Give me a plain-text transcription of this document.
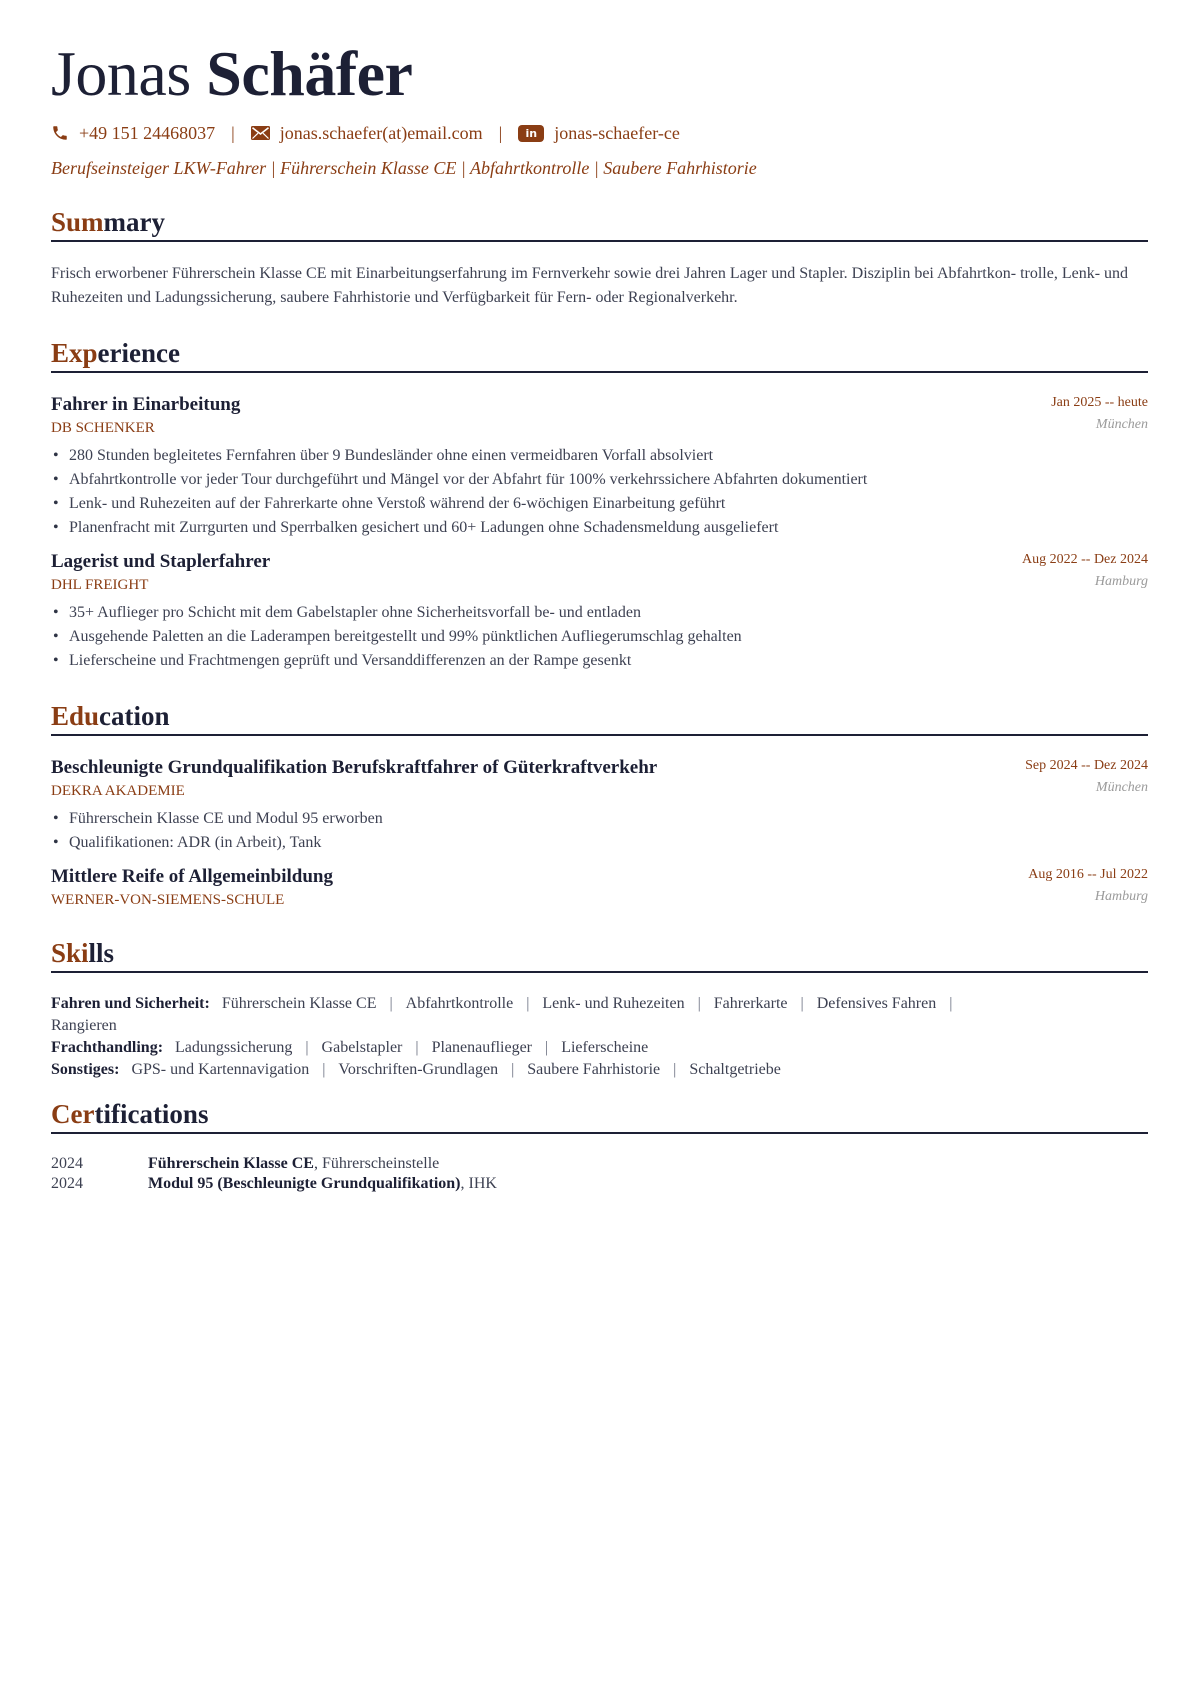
Jonas Schäfer
+49 151 24468037 |	jonas.schaefer(at)email.com |	in jonas-schaefer-ce
Berufseinsteiger LKW-Fahrer | Führerschein Klasse CE | Abfahrtkontrolle | Saubere Fahrhistorie
Summary
Frisch erworbener Führerschein Klasse CE mit Einarbeitungserfahrung im Fernverkehr sowie drei Jahren Lager und Stapler. Disziplin bei Abfahrtkon- trolle, Lenk- und Ruhezeiten und Ladungssicherung, saubere Fahrhistorie und Verfügbarkeit für Fern- oder Regionalverkehr.
Experience
Fahrer in Einarbeitung
DB SCHENKER
Jan 2025 -- heute
München
• 280 Stunden begleitetes Fernfahren über 9 Bundesländer ohne einen vermeidbaren Vorfall absolviert
• Abfahrtkontrolle vor jeder Tour durchgeführt und Mängel vor der Abfahrt für 100% verkehrssichere Abfahrten dokumentiert
• Lenk- und Ruhezeiten auf der Fahrerkarte ohne Verstoß während der 6-wöchigen Einarbeitung geführt
• Planenfracht mit Zurrgurten und Sperrbalken gesichert und 60+ Ladungen ohne Schadensmeldung ausgeliefert
Lagerist und Staplerfahrer
DHL FREIGHT
Aug 2022 -- Dez 2024
Hamburg
• 35+ Auflieger pro Schicht mit dem Gabelstapler ohne Sicherheitsvorfall be- und entladen
• Ausgehende Paletten an die Laderampen bereitgestellt und 99% pünktlichen Aufliegerumschlag gehalten
• Lieferscheine und Frachtmengen geprüft und Versanddifferenzen an der Rampe gesenkt
Education
Beschleunigte Grundqualifikation Berufskraftfahrer of Güterkraftverkehr
DEKRA AKADEMIE
Sep 2024 -- Dez 2024
München
• Führerschein Klasse CE und Modul 95 erworben
• Qualifikationen: ADR (in Arbeit), Tank
Mittlere Reife of Allgemeinbildung
WERNER-VON-SIEMENS-SCHULE
Aug 2016 -- Jul 2022
Hamburg
Skills
Fahren und Sicherheit: Führerschein Klasse CE | Abfahrtkontrolle | Lenk- und Ruhezeiten | Fahrerkarte | Defensives Fahren |
Rangieren
Frachthandling: Ladungssicherung | Gabelstapler | Planenauflieger | Lieferscheine
Sonstiges: GPS- und Kartennavigation | Vorschriften-Grundlagen | Saubere Fahrhistorie | Schaltgetriebe
Certifications
2024	Führerschein Klasse CE, Führerscheinstelle
2024	Modul 95 (Beschleunigte Grundqualifikation), IHK
